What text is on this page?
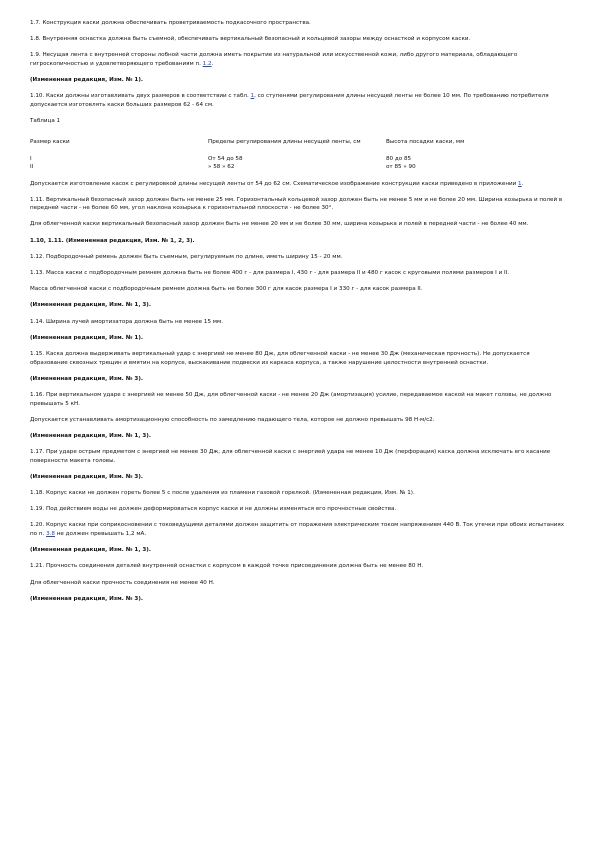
1.7. Конструкция каски должна обеспечивать проветриваемость подкасочного пространства.

1.8. Внутренняя оснастка должна быть съемной, обеспечивать вертикальный безопасный и кольцевой зазоры между оснасткой и корпусом каски.

1.9. Несущая лента с внутренней стороны лобной части должна иметь покрытие из натуральной или искусственной кожи, либо другого материала, обладающего гигроскопичностью и удовлетворяющего требованиям п. 1.2.

(Измененная редакция, Изм. № 1).

1.10. Каски должны изготавливать двух размеров в соответствии с табл. 1, со ступенями регулирования длины несущей ленты не более 10 мм. По требованию потребителя допускается изготовлять каски больших размеров 62 - 64 см.

Таблица 1

Размер каски	Пределы регулирования длины несущей ленты, см	Высота посадки каски, мм
I	От 54 до 58	80 до 85
II	» 58 » 62	от 85 » 90

Допускается изготовление касок с регулировкой длины несущей ленты от 54 до 62 см. Схематическое изображение конструкции каски приведено в приложении 1.

1.11. Вертикальный безопасный зазор должен быть не менее 25 мм. Горизонтальный кольцевой зазор должен быть не менее 5 мм и не более 20 мм. Ширина козырька и полей в передней части - не более 60 мм, угол наклона козырька к горизонтальной плоскости - не более 30°.

Для облегченной каски вертикальный безопасный зазор должен быть не менее 20 мм и не более 30 мм, ширина козырька и полей в передней части - не более 40 мм.

1.10, 1.11. (Измененная редакция, Изм. № 1, 2, 3).

1.12. Подбородочный ремень должен быть съемным, регулируемым по длине, иметь ширину 15 - 20 мм.

1.13. Масса каски с подбородочным ремнем должна быть не более 400 г - для размера I, 430 г - для размера II и 480 г касок с круговыми полями размеров I и II.

Масса облегченной каски с подбородочным ремнем должна быть не более 300 г для касок размера I и 330 г - для касок размера II.

(Измененная редакция, Изм. № 1, 3).

1.14. Ширина лучей амортизатора должна быть не менее 15 мм.

(Измененная редакция, Изм. № 1).

1.15. Каска должна выдерживать вертикальный удар с энергией не менее 80 Дж, для облегченной каски - не менее 30 Дж (механическая прочность). Не допускается образование сквозных трещин и вмятин на корпусе, выскакивание подвески из каркаса корпуса, а также нарушение целостности внутренней оснастки.

(Измененная редакция, Изм. № 3).

1.16. При вертикальном ударе с энергией не менее 50 Дж, для облегченной каски - не менее 20 Дж (амортизация) усилие, передаваемое каской на макет головы, не должно превышать 5 кН.

Допускается устанавливать амортизационную способность по замедлению падающего тела, которое не должно превышать 98 Н·м/с2.

(Измененная редакция, Изм. № 1, 3).

1.17. При ударе острым предметом с энергией не менее 30 Дж, для облегченной каски с энергией удара не менее 10 Дж (перфорация) каска должна исключать его касание поверхности макета головы.

(Измененная редакция, Изм. № 3).

1.18. Корпус каски не должен гореть более 5 с после удаления из пламени газовой горелкой. (Измененная редакция, Изм. № 1).

1.19. Под действием воды не должен деформироваться корпус каски и не должны изменяться его прочностные свойства.

1.20. Корпус каски при соприкосновении с токоведущими деталями должен защитить от поражения электрическим током напряжением 440 В. Ток утечки при обоих испытаниях по п. 3.8 не должен превышать 1,2 мА.

(Измененная редакция, Изм. № 1, 3).

1.21. Прочность соединения деталей внутренней оснастки с корпусом в каждой точке присоединения должна быть не менее 80 Н.

Для облегченной каски прочность соединения не менее 40 Н.

(Измененная редакция, Изм. № 3).
